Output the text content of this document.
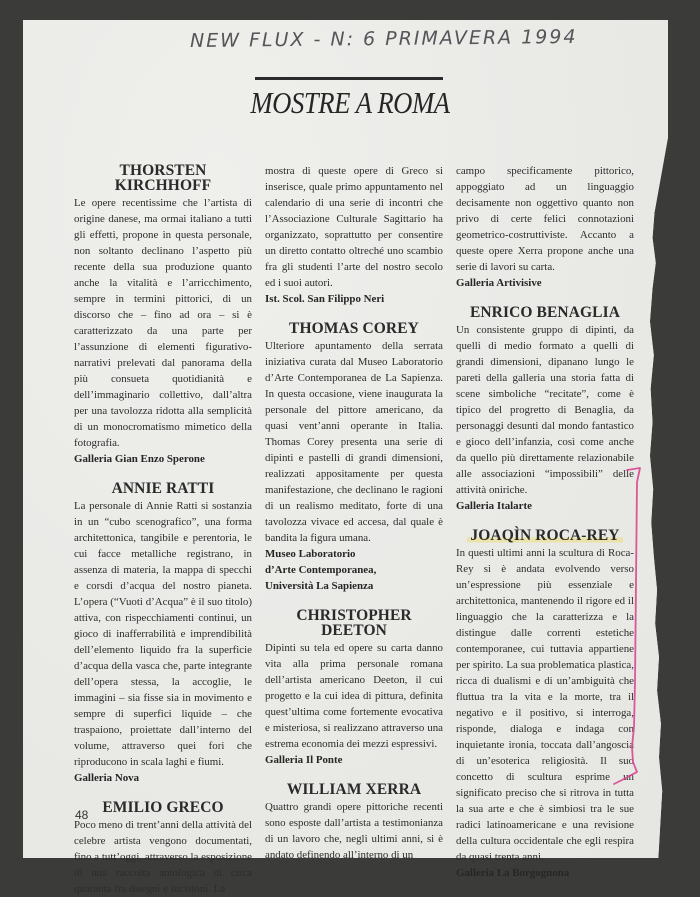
NEW FLUX - N: 6 PRIMAVERA 1994
MOSTRE A ROMA
THORSTEN
KIRCHHOFF

Le opere recentissime che l’artista di origine danese, ma ormai italiano a tutti gli effetti, propone in questa personale, non soltanto declinano l’aspetto più recente della sua produzione quanto anche la vitalità e l’arricchimento, sempre in termini pittorici, di un discorso che – fino ad ora – si è caratterizzato da una parte per l’assunzione di elementi figurativo-narrativi prelevati dal panorama della più consueta quotidianità e dell’immaginario collettivo, dall’altra per una tavolozza ridotta alla semplicità di un monocromatismo mimetico della fotografia.

Galleria Gian Enzo Sperone
ANNIE RATTI

La personale di Annie Ratti si sostanzia in un “cubo scenografico”, una forma architettonica, tangibile e perentoria, le cui facce metalliche registrano, in assenza di materia, la mappa di specchi e corsdi d’acqua del nostro pianeta. L’opera (“Vuoti d’Acqua” è il suo titolo) attiva, con rispecchiamenti continui, un gioco di inafferrabilità e imprendibilità dell’elemento liquido fra la superficie d’acqua della vasca che, parte integrante dell’opera stessa, la accoglie, le immagini – sia fisse sia in movimento e sempre di superfici liquide – che traspaiono, proiettate dall’interno del volume, attraverso quei fori che riproducono in scala laghi e fiumi.

Galleria Nova
EMILIO GRECO

Poco meno di trent’anni della attività del celebre artista vengono documentati, fino a tutt’oggi, attraverso la esposizione di una raccolta antologica di circa quaranta fra disegni e incisioni. La

mostra di queste opere di Greco si inserisce, quale primo appuntamento nel calendario di una serie di incontri che l’Associazione Culturale Sagittario ha organizzato, soprattutto per consentire un diretto contatto oltreché uno scambio fra gli studenti l’arte del nostro secolo ed i suoi autori.

Ist. Scol. San Filippo Neri
THOMAS COREY

Ulteriore apuntamento della serrata iniziativa curata dal Museo Laboratorio d’Arte Contemporanea de La Sapienza. In questa occasione, viene inaugurata la personale del pittore americano, da quasi vent’anni operante in Italia. Thomas Corey presenta una serie di dipinti e pastelli di grandi dimensioni, realizzati appositamente per questa manifestazione, che declinano le ragioni di un realismo meditato, forte di una tavolozza vivace ed accesa, dal quale è bandita la figura umana.

Museo Laboratorio
d’Arte Contemporanea,
Università La Sapienza
CHRISTOPHER
DEETON

Dipinti su tela ed opere su carta danno vita alla prima personale romana dell’artista americano Deeton, il cui progetto e la cui idea di pittura, definita quest’ultima come fortemente evocativa e misteriosa, si realizzano attraverso una estrema economia dei mezzi espressivi.

Galleria Il Ponte
WILLIAM XERRA

Quattro grandi opere pittoriche recenti sono esposte dall’artista a testimonianza di un lavoro che, negli ultimi anni, si è andato definendo all’interno di un

campo specificamente pittorico, appoggiato ad un linguaggio decisamente non oggettivo quanto non privo di certe felici connotazioni geometrico-costruttiviste. Accanto a queste opere Xerra propone anche una serie di lavori su carta.

Galleria Artivisive
ENRICO BENAGLIA

Un consistente gruppo di dipinti, da quelli di medio formato a quelli di grandi dimensioni, dipanano lungo le pareti della galleria una storia fatta di scene simboliche “recitate”, come è tipico del progretto di Benaglia, da personaggi desunti dal mondo fantastico e gioco dell’infanzia, così come anche da quello più direttamente relazionabile alle associazioni “impossibili” delle attività oniriche.

Galleria Italarte
JOAQÌN ROCA-REY

In questi ultimi anni la scultura di Roca-Rey si è andata evolvendo verso un’espressione più essenziale e architettonica, mantenendo il rigore ed il linguaggio che la caratterizza e la distingue dalle correnti estetiche contemporanee, cui tuttavia appartiene per spirito. La sua problematica plastica, ricca di dualismi e di un’ambiguità che fluttua tra la vita e la morte, tra il negativo e il positivo, si interroga, risponde, dialoga e indaga con inquietante ironia, toccata dall’angoscia di un’esoterica religiosità. Il suo concetto di scultura esprime un significato preciso che si ritrova in tutta la sua arte e che è simbiosi tra le sue radici latinoamericane e una revisione della cultura occidentale che egli respira da quasi trenta anni.

Galleria La Borgognona
48
